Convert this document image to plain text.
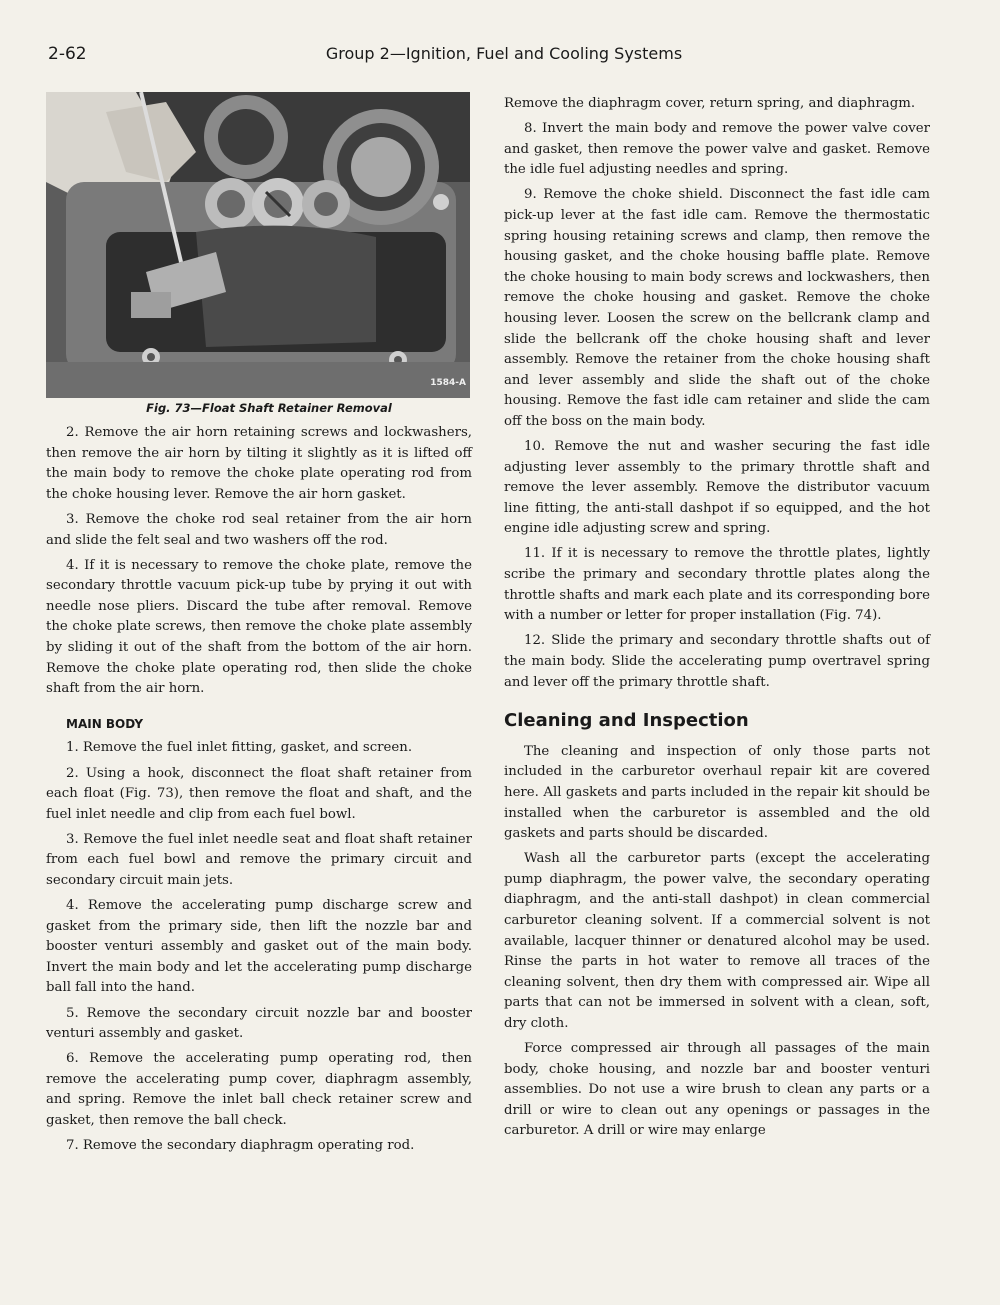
2-62	Group 2—Ignition, Fuel and Cooling Systems
1584-A

Fig. 73—Float Shaft Retainer Removal

2. Remove the air horn retaining screws and lockwashers, then remove the air horn by tilting it slightly as it is lifted off the main body to remove the choke plate operating rod from the choke housing lever. Remove the air horn gasket.

3. Remove the choke rod seal retainer from the air horn and slide the felt seal and two washers off the rod.

4. If it is necessary to remove the choke plate, remove the secondary throttle vacuum pick-up tube by prying it out with needle nose pliers. Discard the tube after removal. Remove the choke plate screws, then remove the choke plate assembly by sliding it out of the shaft from the bottom of the air horn. Remove the choke plate operating rod, then slide the choke shaft from the air horn.

MAIN BODY

1. Remove the fuel inlet fitting, gasket, and screen.

2. Using a hook, disconnect the float shaft retainer from each float (Fig. 73), then remove the float and shaft, and the fuel inlet needle and clip from each fuel bowl.

3. Remove the fuel inlet needle seat and float shaft retainer from each fuel bowl and remove the primary circuit and secondary circuit main jets.

4. Remove the accelerating pump discharge screw and gasket from the primary side, then lift the nozzle bar and booster venturi assembly and gasket out of the main body. Invert the main body and let the accelerating pump discharge ball fall into the hand.

5. Remove the secondary circuit nozzle bar and booster venturi assembly and gasket.

6. Remove the accelerating pump operating rod, then remove the accelerating pump cover, diaphragm assembly, and spring. Remove the inlet ball check retainer screw and gasket, then remove the ball check.

7. Remove the secondary diaphragm operating rod.

Remove the diaphragm cover, return spring, and diaphragm.

8. Invert the main body and remove the power valve cover and gasket, then remove the power valve and gasket. Remove the idle fuel adjusting needles and spring.

9. Remove the choke shield. Disconnect the fast idle cam pick-up lever at the fast idle cam. Remove the thermostatic spring housing retaining screws and clamp, then remove the housing gasket, and the choke housing baffle plate. Remove the choke housing to main body screws and lockwashers, then remove the choke housing and gasket. Remove the choke housing lever. Loosen the screw on the bellcrank clamp and slide the bellcrank off the choke housing shaft and lever assembly. Remove the retainer from the choke housing shaft and lever assembly and slide the shaft out of the choke housing. Remove the fast idle cam retainer and slide the cam off the boss on the main body.

10. Remove the nut and washer securing the fast idle adjusting lever assembly to the primary throttle shaft and remove the lever assembly. Remove the distributor vacuum line fitting, the anti-stall dashpot if so equipped, and the hot engine idle adjusting screw and spring.

11. If it is necessary to remove the throttle plates, lightly scribe the primary and secondary throttle plates along the throttle shafts and mark each plate and its corresponding bore with a number or letter for proper installation (Fig. 74).

12. Slide the primary and secondary throttle shafts out of the main body. Slide the accelerating pump overtravel spring and lever off the primary throttle shaft.

Cleaning and Inspection

The cleaning and inspection of only those parts not included in the carburetor overhaul repair kit are covered here. All gaskets and parts included in the repair kit should be installed when the carburetor is assembled and the old gaskets and parts should be discarded.

Wash all the carburetor parts (except the accelerating pump diaphragm, the power valve, the secondary operating diaphragm, and the anti-stall dashpot) in clean commercial carburetor cleaning solvent. If a commercial solvent is not available, lacquer thinner or denatured alcohol may be used. Rinse the parts in hot water to remove all traces of the cleaning solvent, then dry them with compressed air. Wipe all parts that can not be immersed in solvent with a clean, soft, dry cloth.

Force compressed air through all passages of the main body, choke housing, and nozzle bar and booster venturi assemblies. Do not use a wire brush to clean any parts or a drill or wire to clean out any openings or passages in the carburetor. A drill or wire may enlarge
